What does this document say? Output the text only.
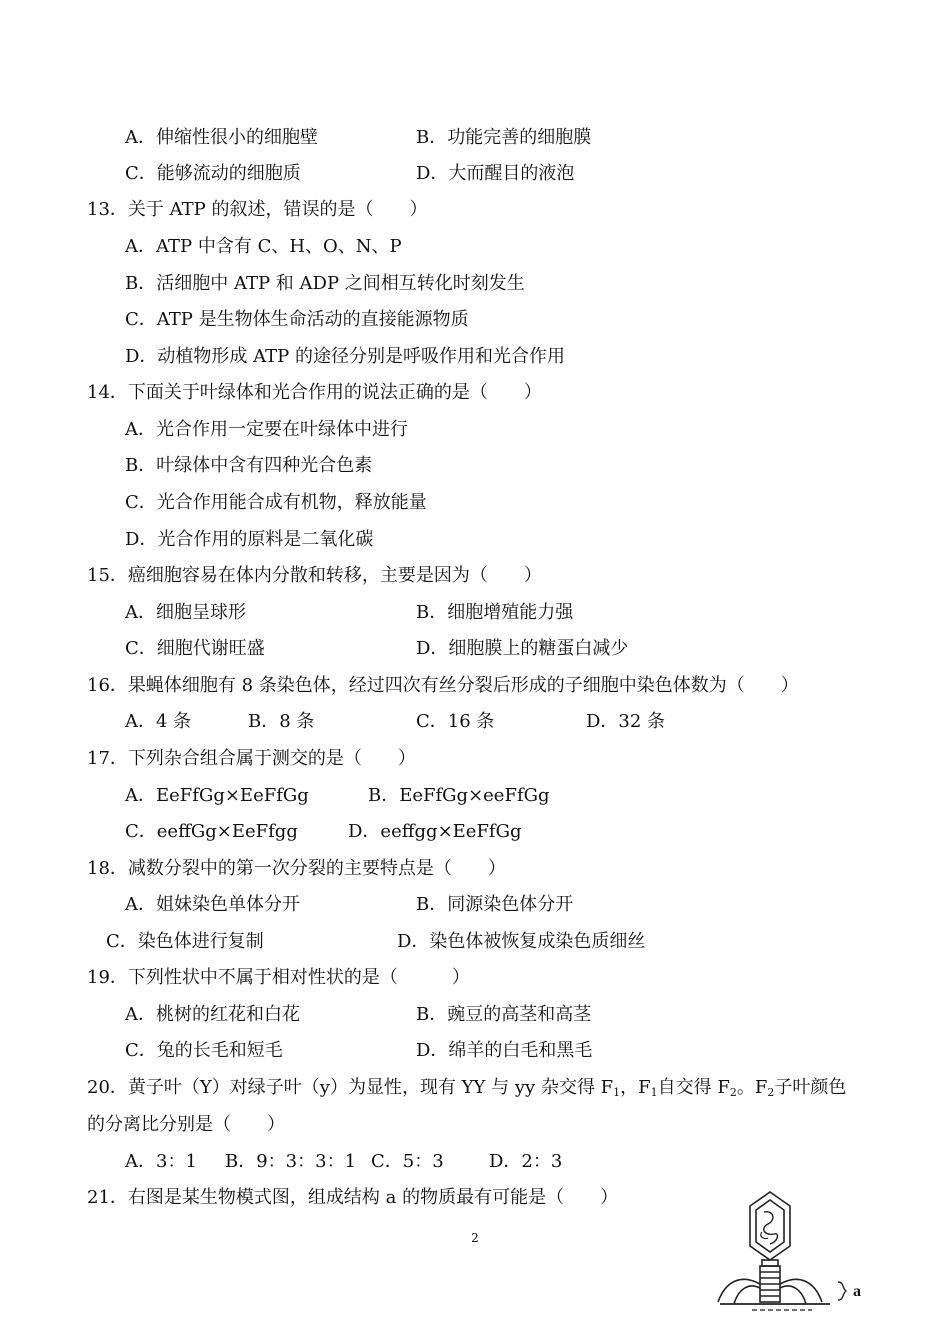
A．伸缩性很小的细胞壁	B．功能完善的细胞膜
C．能够流动的细胞质	D．大而醒目的液泡
13．关于 ATP 的叙述，错误的是（　　）
A．ATP 中含有 C、H、O、N、P
B．活细胞中 ATP 和 ADP 之间相互转化时刻发生
C．ATP 是生物体生命活动的直接能源物质
D．动植物形成 ATP 的途径分别是呼吸作用和光合作用
14．下面关于叶绿体和光合作用的说法正确的是（　　）
A．光合作用一定要在叶绿体中进行
B．叶绿体中含有四种光合色素
C．光合作用能合成有机物，释放能量
D．光合作用的原料是二氧化碳
15．癌细胞容易在体内分散和转移，主要是因为（　　）
A．细胞呈球形	B．细胞增殖能力强
C．细胞代谢旺盛	D．细胞膜上的糖蛋白减少
16．果蝇体细胞有 8 条染色体，经过四次有丝分裂后形成的子细胞中染色体数为（　　）
A．4 条	B．8 条	C．16 条	D．32 条
17．下列杂合组合属于测交的是（　　）
A．EeFfGg×EeFfGg	B．EeFfGg×eeFfGg
C．eeffGg×EeFfgg	D．eeffgg×EeFfGg
18．减数分裂中的第一次分裂的主要特点是（　　）
A．姐妹染色单体分开	B．同源染色体分开
C．染色体进行复制	D．染色体被恢复成染色质细丝
19．下列性状中不属于相对性状的是（　　　）
A．桃树的红花和白花	B．豌豆的高茎和高茎
C．兔的长毛和短毛	D．绵羊的白毛和黑毛
20．黄子叶（Y）对绿子叶（y）为显性，现有 YY 与 yy 杂交得 $F_1$，$F_1$自交得 $F_2$。$F_2$子叶颜色
的分离比分别是（　　）
A．3：1 B．9：3：3：1 C．5：3	D．2：3
21．右图是某生物模式图，组成结构 a 的物质最有可能是（　　）
2
a
